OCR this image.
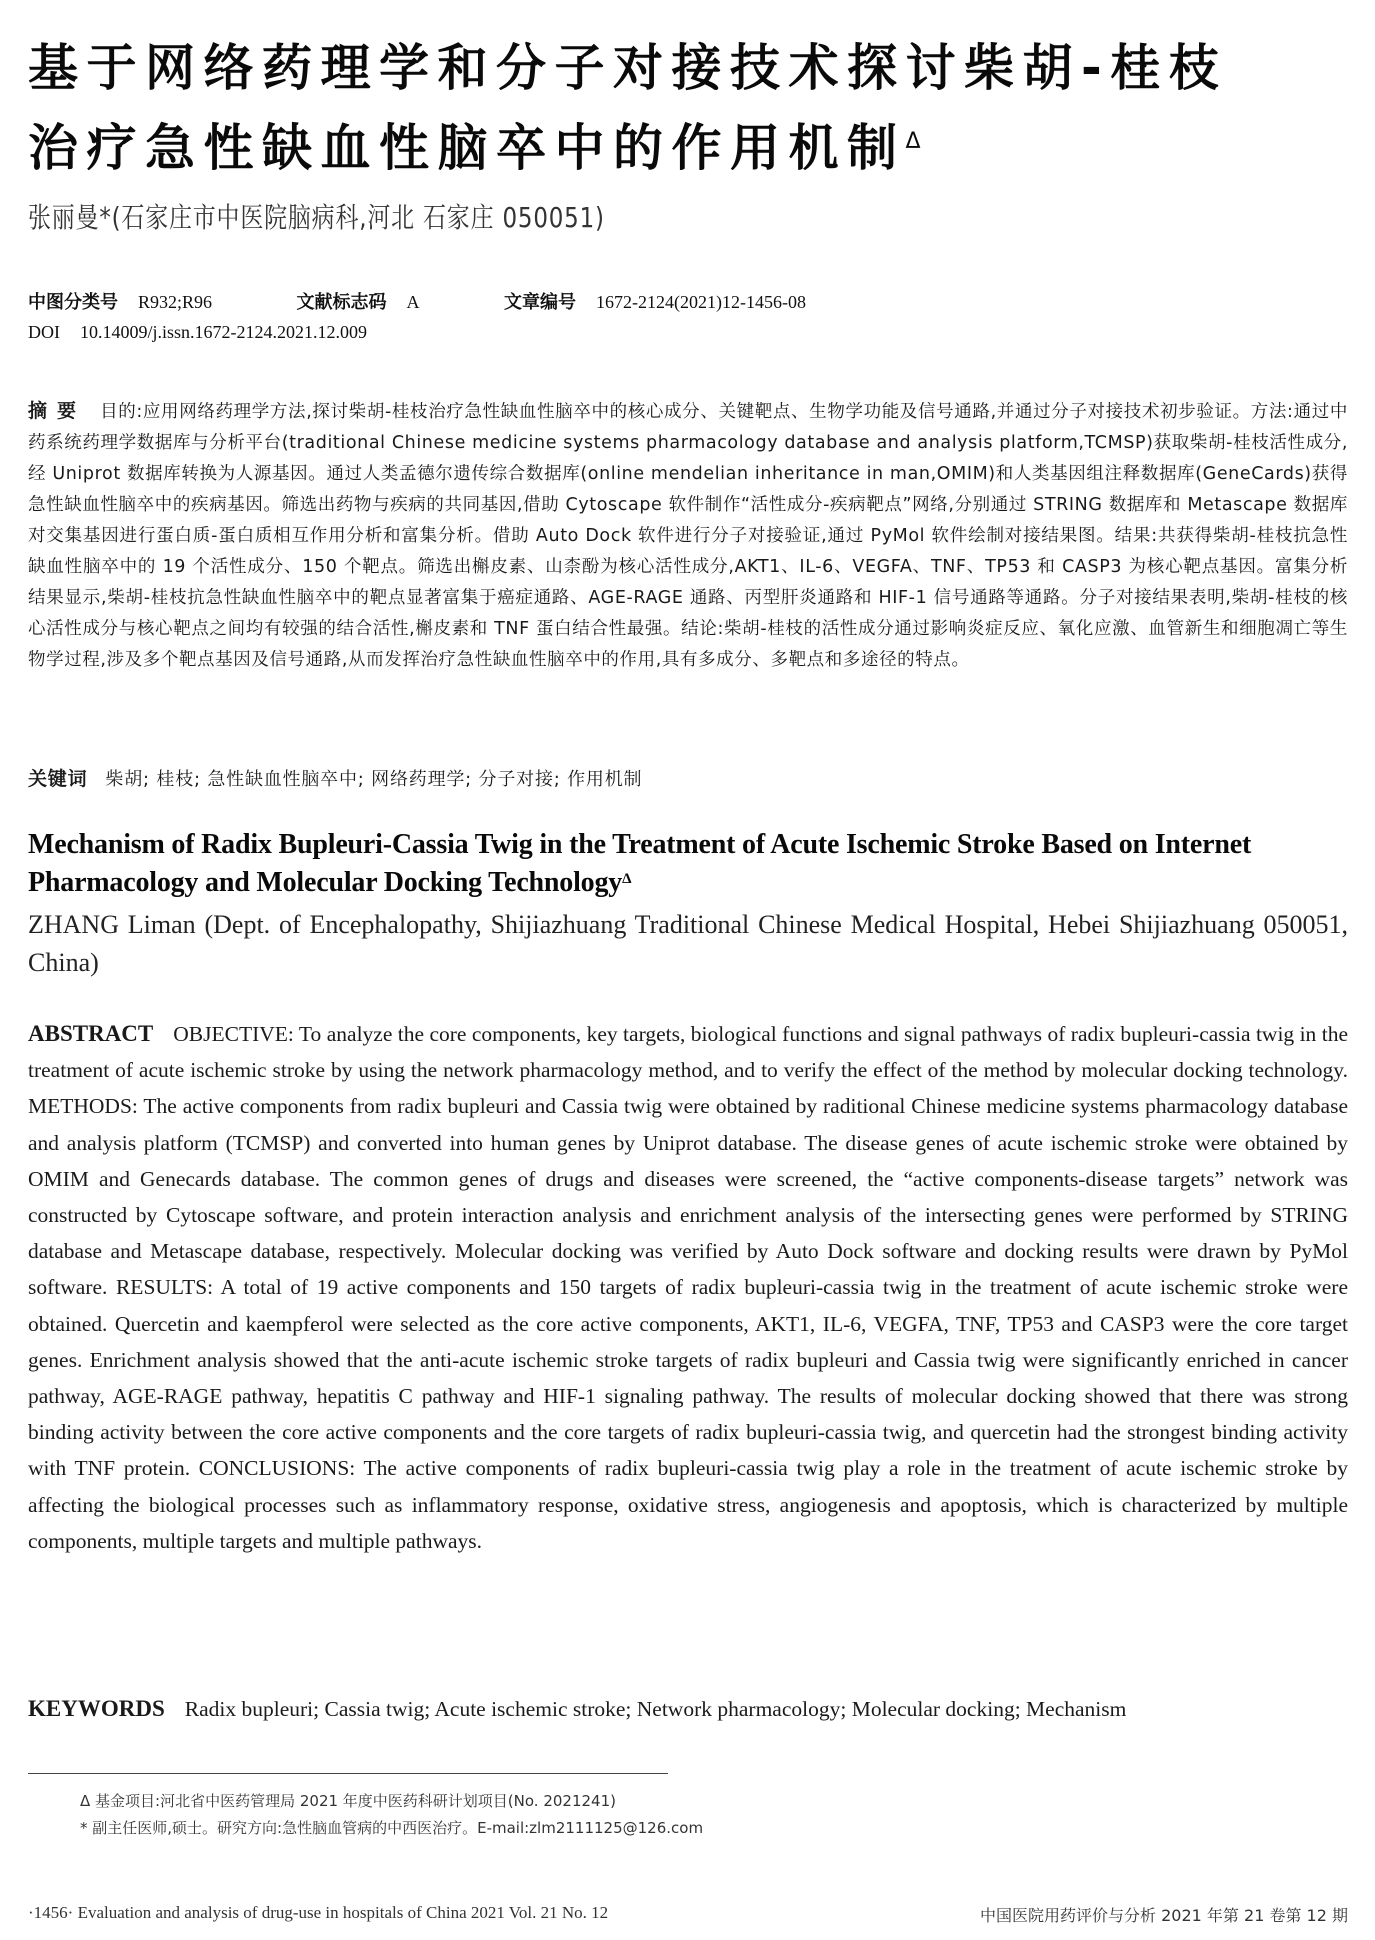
基于网络药理学和分子对接技术探讨柴胡-桂枝
治疗急性缺血性脑卒中的作用机制$^\Delta$
张丽曼*(石家庄市中医院脑病科,河北 石家庄 050051)
中图分类号 R932;R96	文献标志码 A	文章编号 1672-2124(2021)12-1456-08
DOI 10.14009/j.issn.1672-2124.2021.12.009
摘要 目的:应用网络药理学方法,探讨柴胡-桂枝治疗急性缺血性脑卒中的核心成分、关键靶点、生物学功能及信号通路,并通过分子对接技术初步验证。方法:通过中药系统药理学数据库与分析平台(traditional Chinese medicine systems pharmacology database and analysis platform,TCMSP)获取柴胡-桂枝活性成分,经 Uniprot 数据库转换为人源基因。通过人类孟德尔遗传综合数据库(online mendelian inheritance in man,OMIM)和人类基因组注释数据库(GeneCards)获得急性缺血性脑卒中的疾病基因。筛选出药物与疾病的共同基因,借助 Cytoscape 软件制作“活性成分-疾病靶点”网络,分别通过 STRING 数据库和 Metascape 数据库对交集基因进行蛋白质-蛋白质相互作用分析和富集分析。借助 Auto Dock 软件进行分子对接验证,通过 PyMol 软件绘制对接结果图。结果:共获得柴胡-桂枝抗急性缺血性脑卒中的 19 个活性成分、150 个靶点。筛选出槲皮素、山柰酚为核心活性成分,AKT1、IL-6、VEGFA、TNF、TP53 和 CASP3 为核心靶点基因。富集分析结果显示,柴胡-桂枝抗急性缺血性脑卒中的靶点显著富集于癌症通路、AGE-RAGE 通路、丙型肝炎通路和 HIF-1 信号通路等通路。分子对接结果表明,柴胡-桂枝的核心活性成分与核心靶点之间均有较强的结合活性,槲皮素和 TNF 蛋白结合性最强。结论:柴胡-桂枝的活性成分通过影响炎症反应、氧化应激、血管新生和细胞凋亡等生物学过程,涉及多个靶点基因及信号通路,从而发挥治疗急性缺血性脑卒中的作用,具有多成分、多靶点和多途径的特点。
关键词 柴胡; 桂枝; 急性缺血性脑卒中; 网络药理学; 分子对接; 作用机制
Mechanism of Radix Bupleuri-Cassia Twig in the Treatment of Acute Ischemic Stroke Based on Internet Pharmacology and Molecular Docking Technology$^\Delta$
ZHANG Liman (Dept. of Encephalopathy, Shijiazhuang Traditional Chinese Medical Hospital, Hebei Shijiazhuang 050051, China)
ABSTRACT OBJECTIVE: To analyze the core components, key targets, biological functions and signal pathways of radix bupleuri-cassia twig in the treatment of acute ischemic stroke by using the network pharmacology method, and to verify the effect of the method by molecular docking technology. METHODS: The active components from radix bupleuri and Cassia twig were obtained by raditional Chinese medicine systems pharmacology database and analysis platform (TCMSP) and converted into human genes by Uniprot database. The disease genes of acute ischemic stroke were obtained by OMIM and Genecards database. The common genes of drugs and diseases were screened, the “active components-disease targets” network was constructed by Cytoscape software, and protein interaction analysis and enrichment analysis of the intersecting genes were performed by STRING database and Metascape database, respectively. Molecular docking was verified by Auto Dock software and docking results were drawn by PyMol software. RESULTS: A total of 19 active components and 150 targets of radix bupleuri-cassia twig in the treatment of acute ischemic stroke were obtained. Quercetin and kaempferol were selected as the core active components, AKT1, IL-6, VEGFA, TNF, TP53 and CASP3 were the core target genes. Enrichment analysis showed that the anti-acute ischemic stroke targets of radix bupleuri and Cassia twig were significantly enriched in cancer pathway, AGE-RAGE pathway, hepatitis C pathway and HIF-1 signaling pathway. The results of molecular docking showed that there was strong binding activity between the core active components and the core targets of radix bupleuri-cassia twig, and quercetin had the strongest binding activity with TNF protein. CONCLUSIONS: The active components of radix bupleuri-cassia twig play a role in the treatment of acute ischemic stroke by affecting the biological processes such as inflammatory response, oxidative stress, angiogenesis and apoptosis, which is characterized by multiple components, multiple targets and multiple pathways.
KEYWORDS Radix bupleuri; Cassia twig; Acute ischemic stroke; Network pharmacology; Molecular docking; Mechanism
Δ 基金项目:河北省中医药管理局 2021 年度中医药科研计划项目(No. 2021241)
* 副主任医师,硕士。研究方向:急性脑血管病的中西医治疗。E-mail:zlm2111125@126.com
·1456· Evaluation and analysis of drug-use in hospitals of China 2021 Vol. 21 No. 12	中国医院用药评价与分析 2021 年第 21 卷第 12 期
